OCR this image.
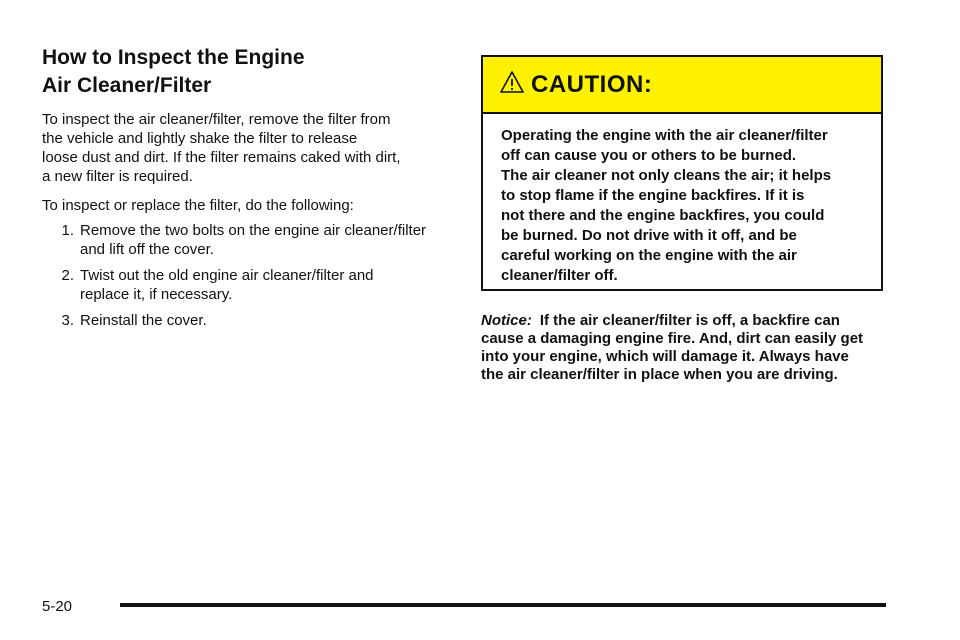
How to Inspect the Engine
Air Cleaner/Filter

To inspect the air cleaner/filter, remove the filter from
the vehicle and lightly shake the filter to release
loose dust and dirt. If the filter remains caked with dirt,
a new filter is required.

To inspect or replace the filter, do the following:

1. Remove the two bolts on the engine air cleaner/filter
and lift off the cover.
2. Twist out the old engine air cleaner/filter and
replace it, if necessary.
3. Reinstall the cover.
CAUTION:
Operating the engine with the air cleaner/filter
off can cause you or others to be burned.
The air cleaner not only cleans the air; it helps
to stop flame if the engine backfires. If it is
not there and the engine backfires, you could
be burned. Do not drive with it off, and be
careful working on the engine with the air
cleaner/filter off.
Notice: If the air cleaner/filter is off, a backfire can
cause a damaging engine fire. And, dirt can easily get
into your engine, which will damage it. Always have
the air cleaner/filter in place when you are driving.
5-20
